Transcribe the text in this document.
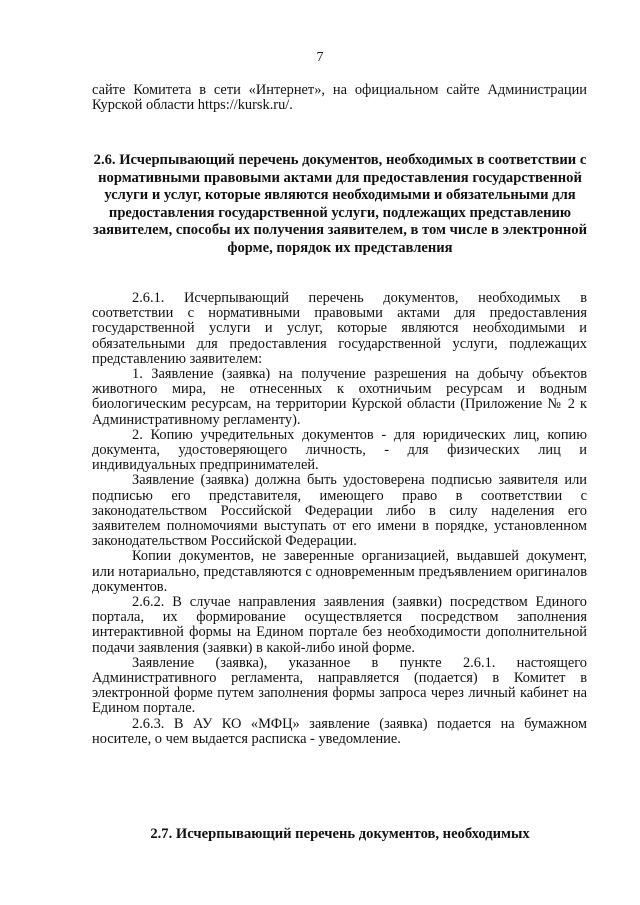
7
сайте Комитета в сети «Интернет», на официальном сайте Администрации Курской области https://kursk.ru/.
2.6. Исчерпывающий перечень документов, необходимых в соответствии с нормативными правовыми актами для предоставления государственной услуги и услуг, которые являются необходимыми и обязательными для предоставления государственной услуги, подлежащих представлению заявителем, способы их получения заявителем, в том числе в электронной форме, порядок их представления

2.6.1. Исчерпывающий перечень документов, необходимых в соответствии с нормативными правовыми актами для предоставления государственной услуги и услуг, которые являются необходимыми и обязательными для предоставления государственной услуги, подлежащих представлению заявителем:

1. Заявление (заявка) на получение разрешения на добычу объектов животного мира, не отнесенных к охотничьим ресурсам и водным биологическим ресурсам, на территории Курской области (Приложение № 2 к Административному регламенту).

2. Копию учредительных документов - для юридических лиц, копию документа, удостоверяющего личность, - для физических лиц и индивидуальных предпринимателей.

Заявление (заявка) должна быть удостоверена подписью заявителя или подписью его представителя, имеющего право в соответствии с законодательством Российской Федерации либо в силу наделения его заявителем полномочиями выступать от его имени в порядке, установленном законодательством Российской Федерации.

Копии документов, не заверенные организацией, выдавшей документ, или нотариально, представляются с одновременным предъявлением оригиналов документов.

2.6.2. В случае направления заявления (заявки) посредством Единого портала, их формирование осуществляется посредством заполнения интерактивной формы на Едином портале без необходимости дополнительной подачи заявления (заявки) в какой-либо иной форме.

Заявление (заявка), указанное в пункте 2.6.1. настоящего Административного регламента, направляется (подается) в Комитет в электронной форме путем заполнения формы запроса через личный кабинет на Едином портале.

2.6.3. В АУ КО «МФЦ» заявление (заявка) подается на бумажном носителе, о чем выдается расписка - уведомление.

2.7. Исчерпывающий перечень документов, необходимых
